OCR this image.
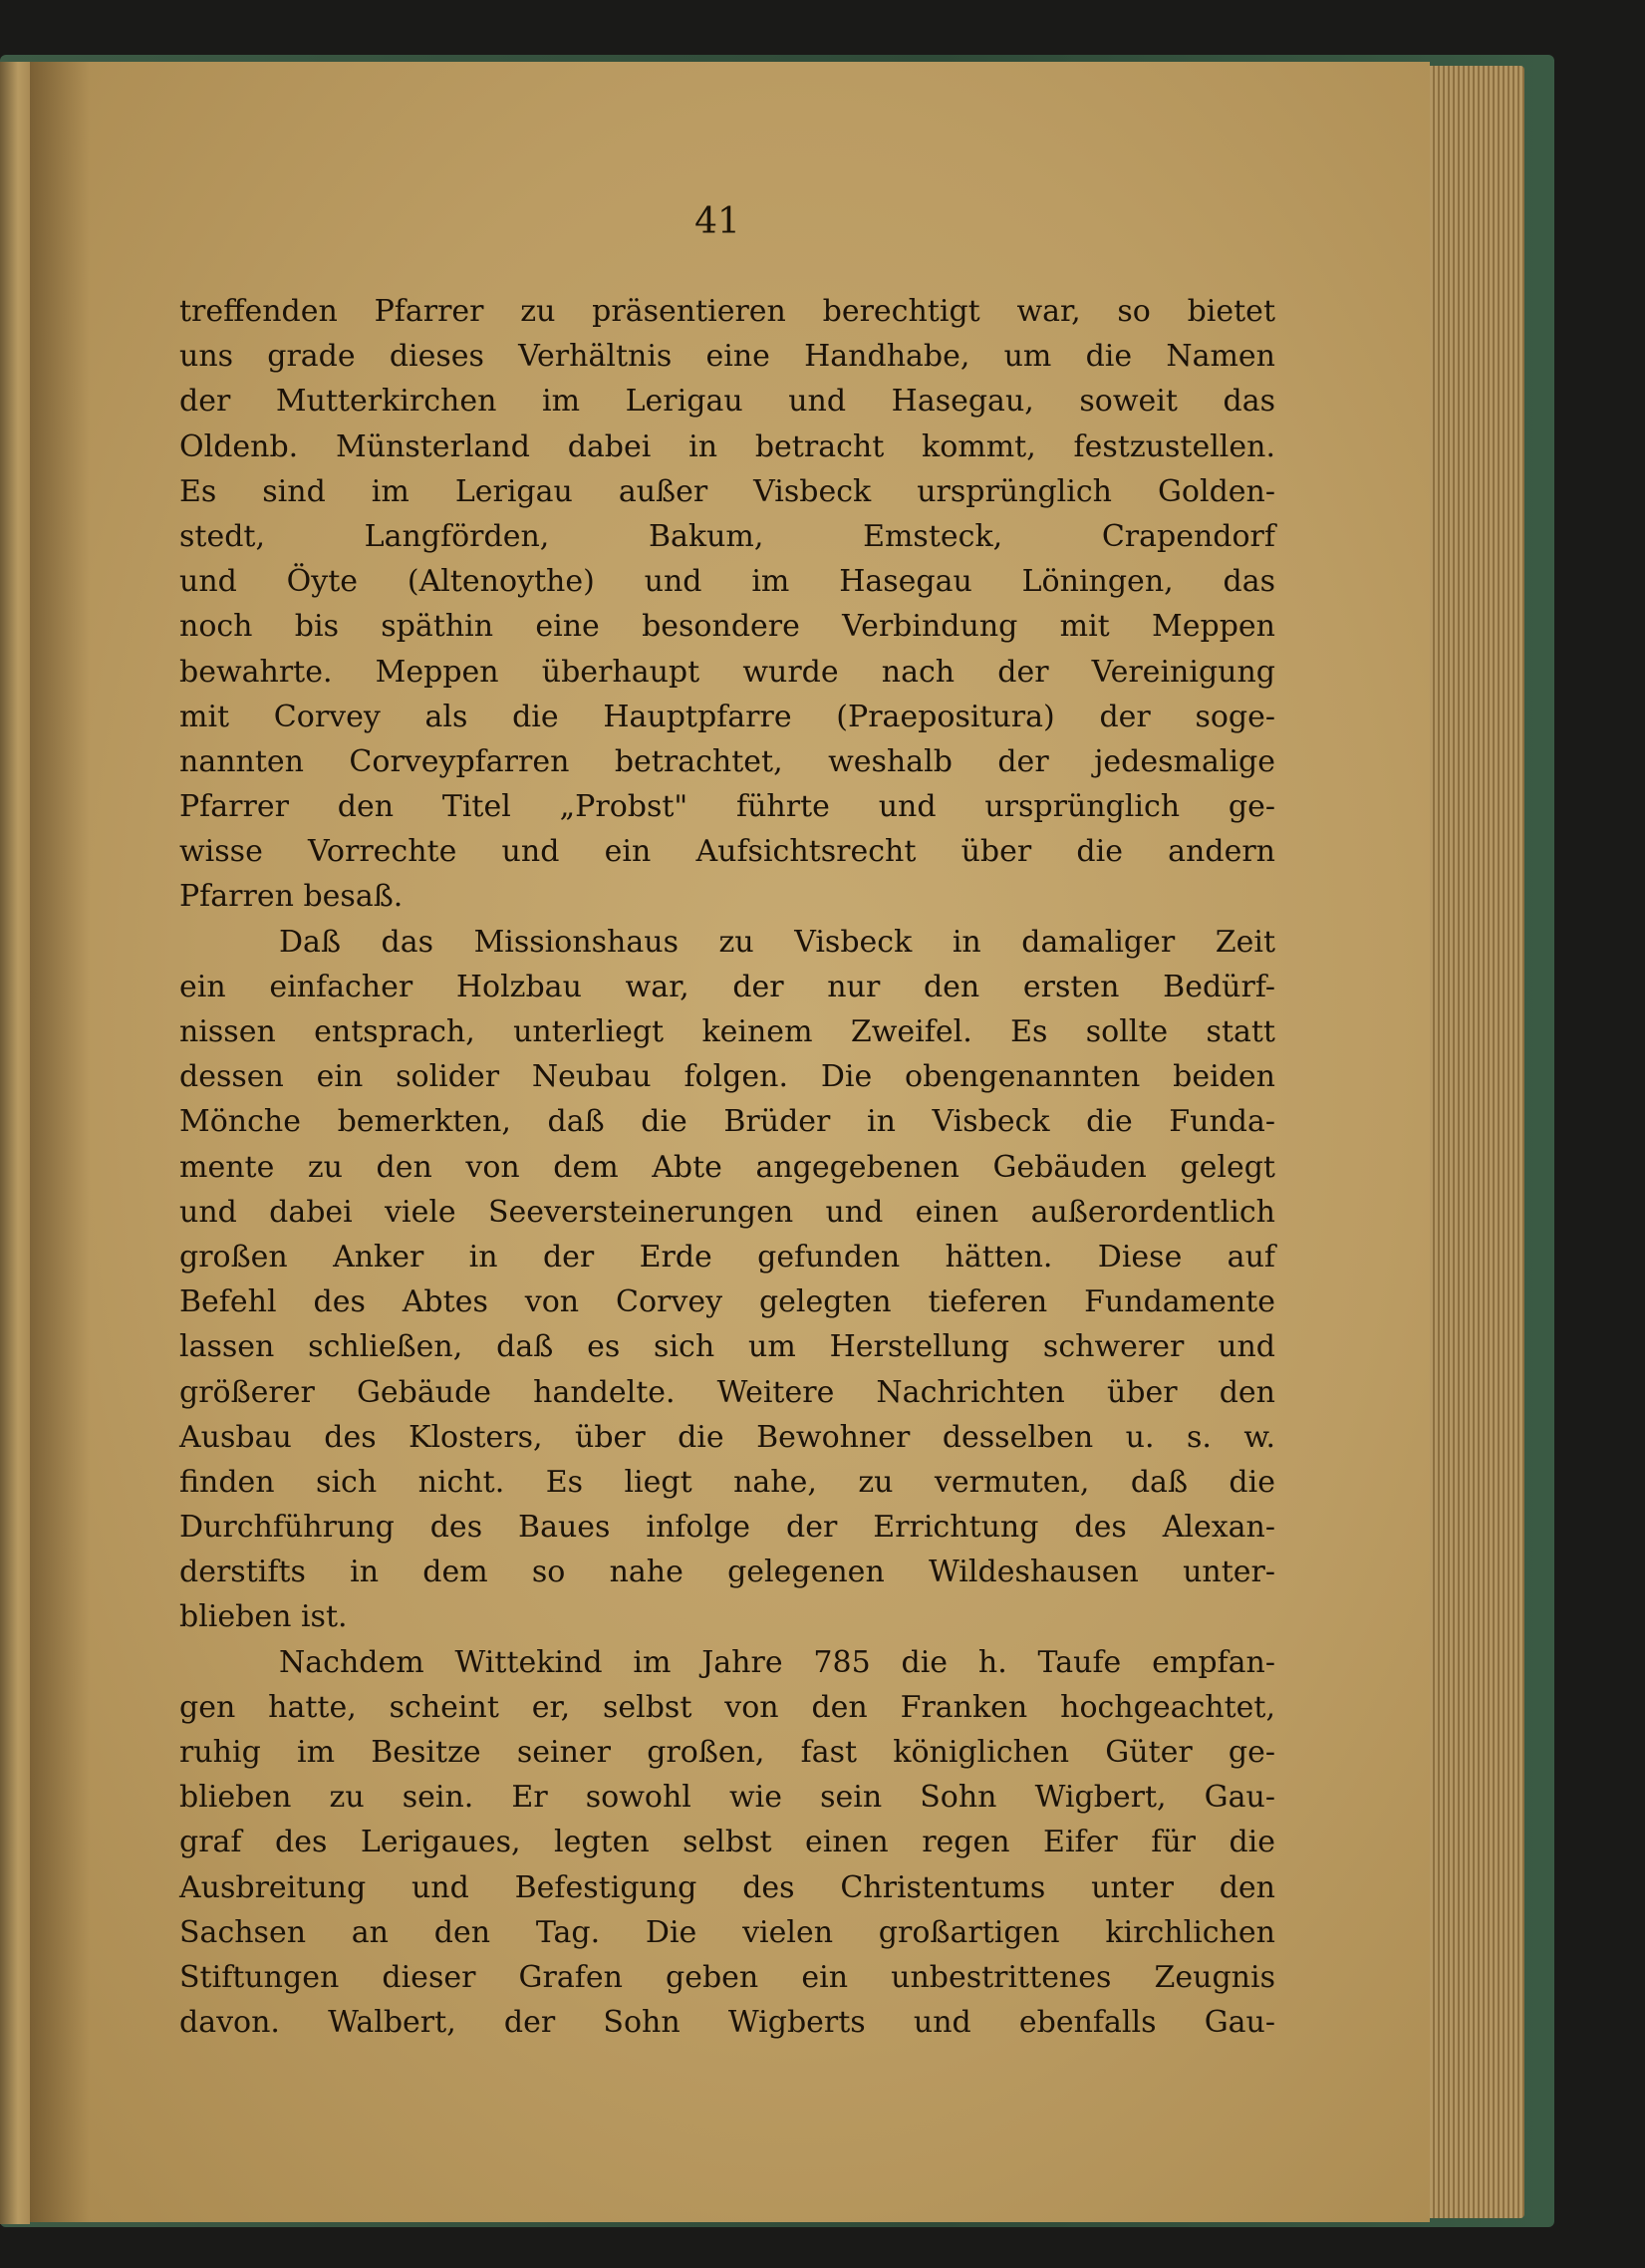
41
treffenden Pfarrer zu präsentieren berechtigt war, so bietet
uns grade dieses Verhältnis eine Handhabe, um die Namen
der Mutterkirchen im Lerigau und Hasegau, soweit das
Oldenb. Münsterland dabei in betracht kommt, festzustellen.
Es sind im Lerigau außer Visbeck ursprünglich Golden-
stedt, Langförden, Bakum, Emsteck, Crapendorf
und Öyte (Altenoythe) und im Hasegau Löningen, das
noch bis späthin eine besondere Verbindung mit Meppen
bewahrte. Meppen überhaupt wurde nach der Vereinigung
mit Corvey als die Hauptpfarre (Praepositura) der soge-
nannten Corveypfarren betrachtet, weshalb der jedesmalige
Pfarrer den Titel „Probst" führte und ursprünglich ge-
wisse Vorrechte und ein Aufsichtsrecht über die andern
Pfarren besaß.
Daß das Missionshaus zu Visbeck in damaliger Zeit
ein einfacher Holzbau war, der nur den ersten Bedürf-
nissen entsprach, unterliegt keinem Zweifel. Es sollte statt
dessen ein solider Neubau folgen. Die obengenannten beiden
Mönche bemerkten, daß die Brüder in Visbeck die Funda-
mente zu den von dem Abte angegebenen Gebäuden gelegt
und dabei viele Seeversteinerungen und einen außerordentlich
großen Anker in der Erde gefunden hätten. Diese auf
Befehl des Abtes von Corvey gelegten tieferen Fundamente
lassen schließen, daß es sich um Herstellung schwerer und
größerer Gebäude handelte. Weitere Nachrichten über den
Ausbau des Klosters, über die Bewohner desselben u. s. w.
finden sich nicht. Es liegt nahe, zu vermuten, daß die
Durchführung des Baues infolge der Errichtung des Alexan-
derstifts in dem so nahe gelegenen Wildeshausen unter-
blieben ist.
Nachdem Wittekind im Jahre 785 die h. Taufe empfan-
gen hatte, scheint er, selbst von den Franken hochgeachtet,
ruhig im Besitze seiner großen, fast königlichen Güter ge-
blieben zu sein. Er sowohl wie sein Sohn Wigbert, Gau-
graf des Lerigaues, legten selbst einen regen Eifer für die
Ausbreitung und Befestigung des Christentums unter den
Sachsen an den Tag. Die vielen großartigen kirchlichen
Stiftungen dieser Grafen geben ein unbestrittenes Zeugnis
davon. Walbert, der Sohn Wigberts und ebenfalls Gau-
